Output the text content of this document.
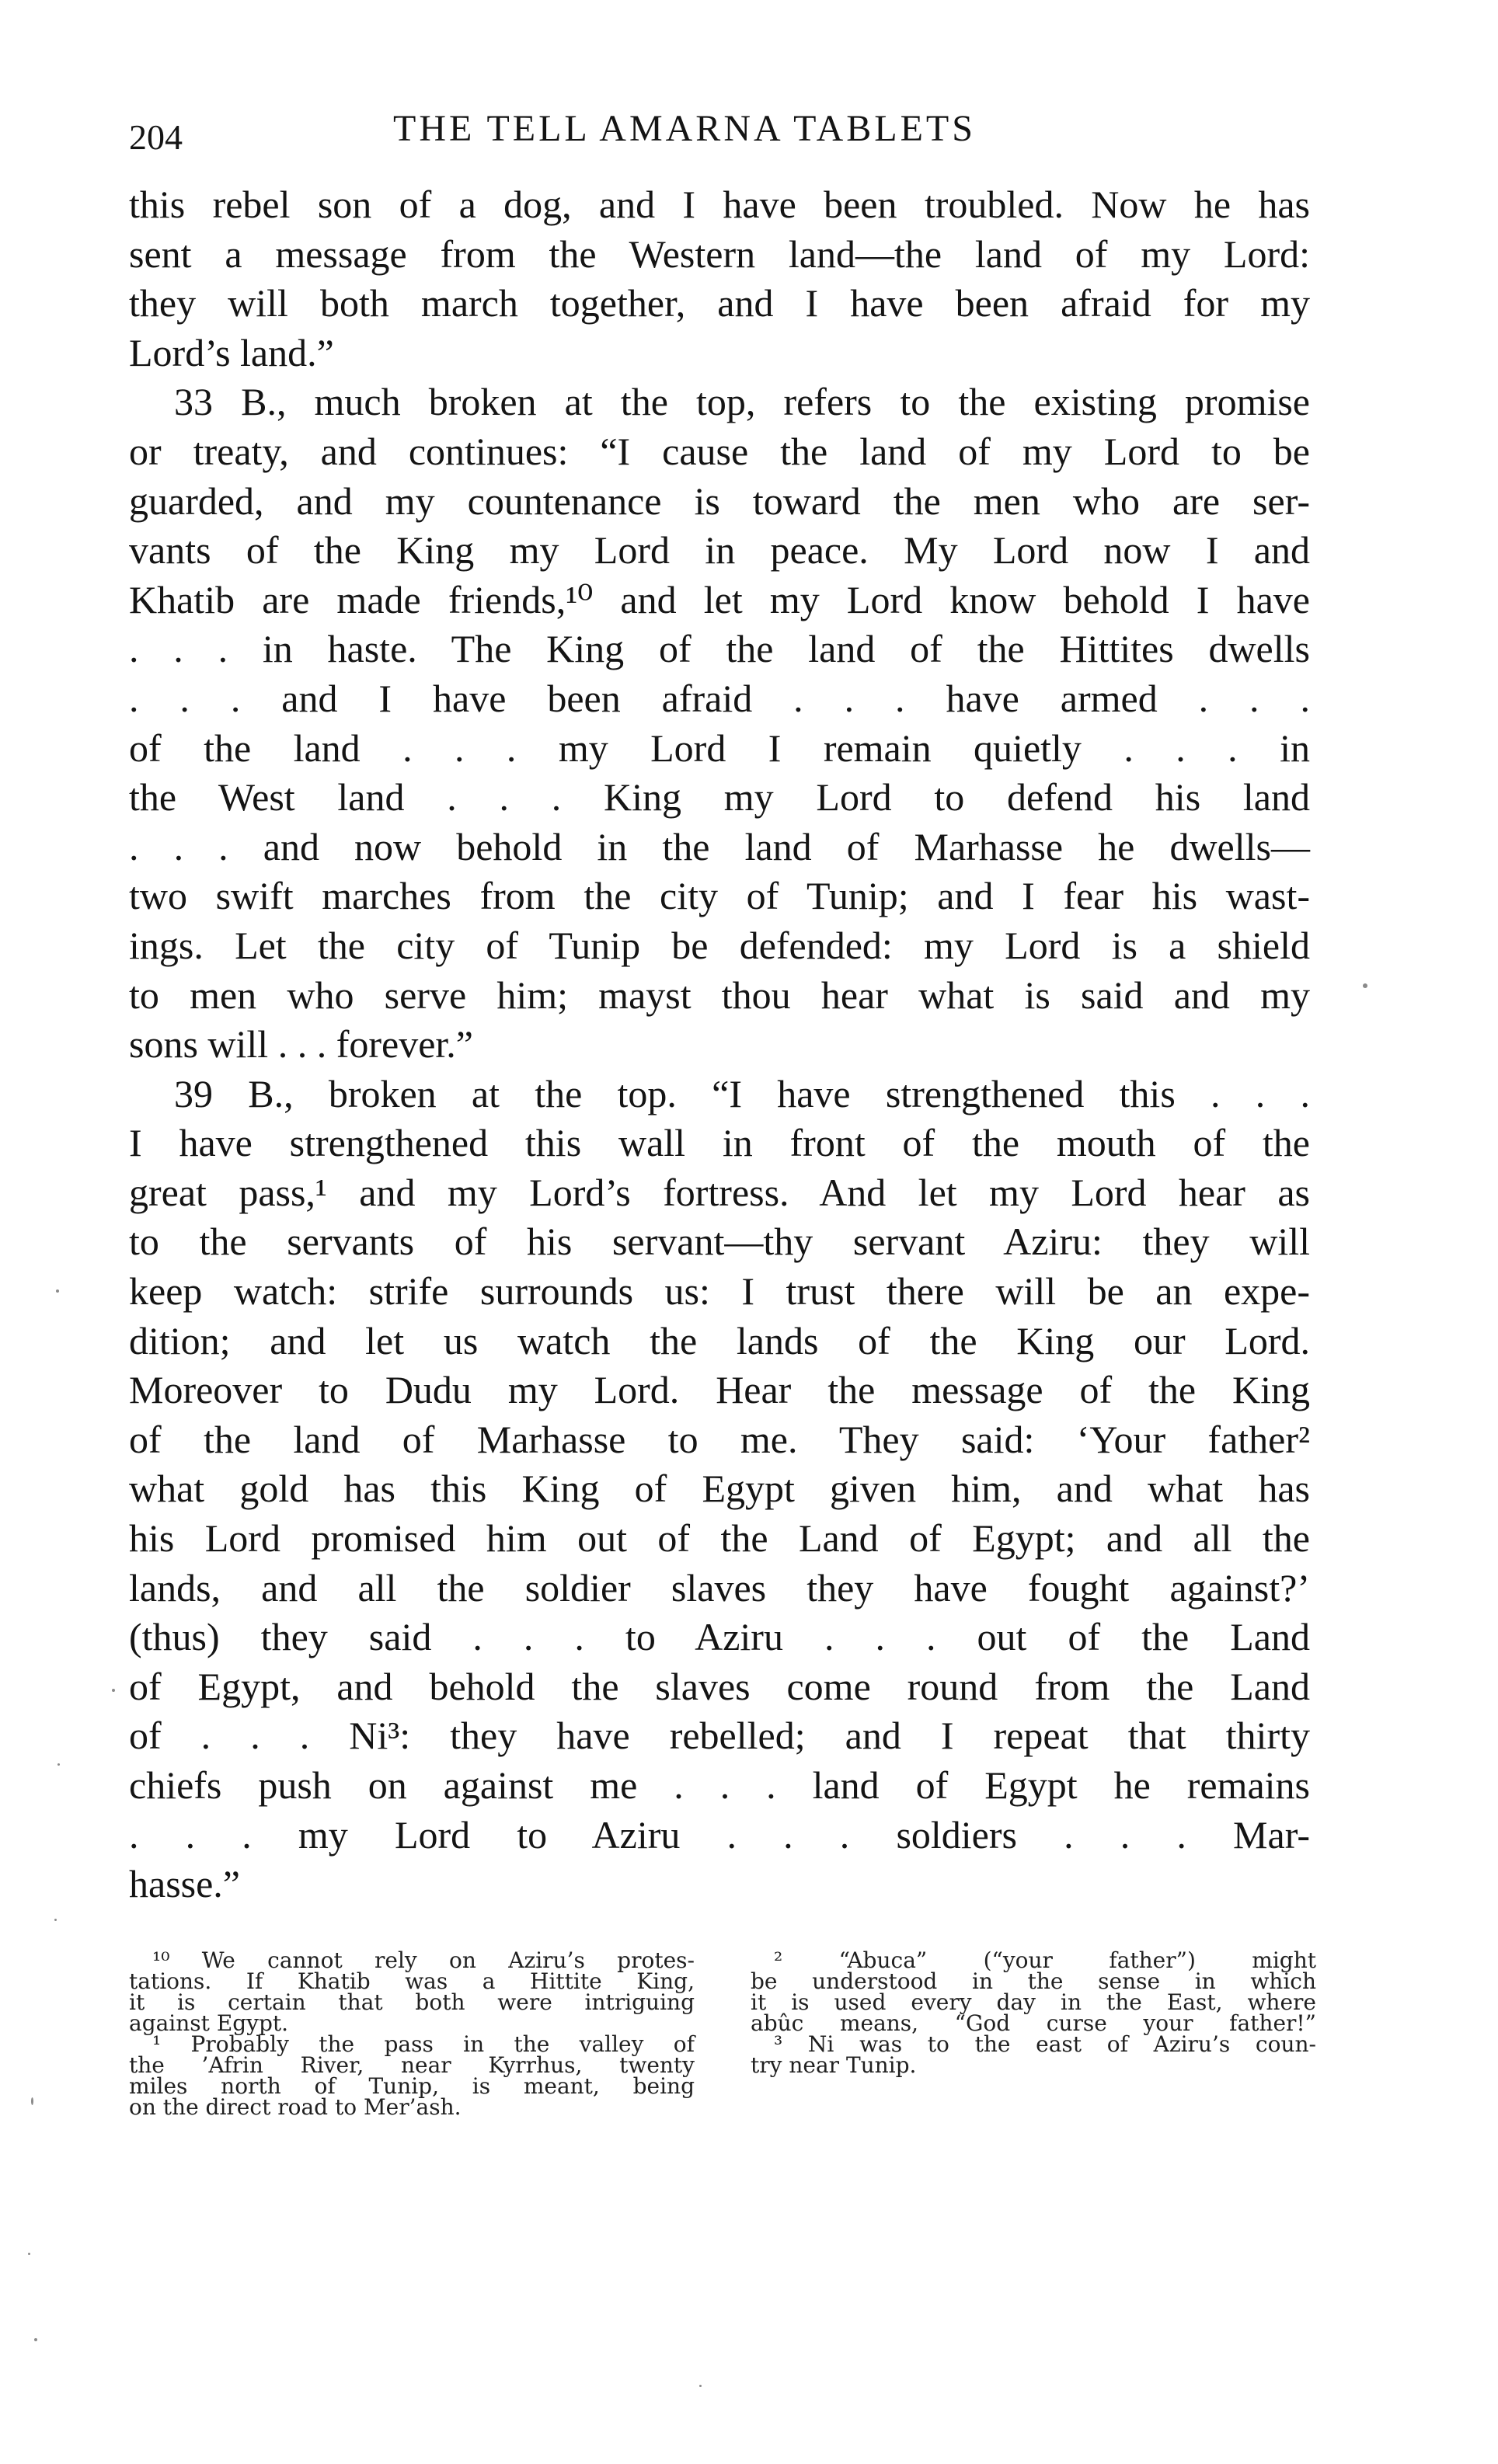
204	THE TELL AMARNA TABLETS
this rebel son of a dog, and I have been troubled. Now he has
sent a message from the Western land—the land of my Lord:
they will both march together, and I have been afraid for my
Lord’s land.”
33 B., much broken at the top, refers to the existing promise
or treaty, and continues: “I cause the land of my Lord to be
guarded, and my countenance is toward the men who are ser-
vants of the King my Lord in peace. My Lord now I and
Khatib are made friends,¹⁰ and let my Lord know behold I have
. . . in haste. The King of the land of the Hittites dwells
. . . and I have been afraid . . . have armed . . .
of the land . . . my Lord I remain quietly . . . in
the West land . . . King my Lord to defend his land
. . . and now behold in the land of Marhasse he dwells—
two swift marches from the city of Tunip; and I fear his wast-
ings. Let the city of Tunip be defended: my Lord is a shield
to men who serve him; mayst thou hear what is said and my
sons will . . . forever.”
39 B., broken at the top. “I have strengthened this . . .
I have strengthened this wall in front of the mouth of the
great pass,¹ and my Lord’s fortress. And let my Lord hear as
to the servants of his servant—thy servant Aziru: they will
keep watch: strife surrounds us: I trust there will be an expe-
dition; and let us watch the lands of the King our Lord.
Moreover to Dudu my Lord. Hear the message of the King
of the land of Marhasse to me. They said: ‘Your father²
what gold has this King of Egypt given him, and what has
his Lord promised him out of the Land of Egypt; and all the
lands, and all the soldier slaves they have fought against?’
(thus) they said . . . to Aziru . . . out of the Land
of Egypt, and behold the slaves come round from the Land
of . . . Ni³: they have rebelled; and I repeat that thirty
chiefs push on against me . . . land of Egypt he remains
. . . my Lord to Aziru . . . soldiers . . . Mar-
hasse.”
¹⁰ We cannot rely on Aziru’s protes-
tations. If Khatib was a Hittite King,
it is certain that both were intriguing
against Egypt.
¹ Probably the pass in the valley of
the ’Afrin River, near Kyrrhus, twenty
miles north of Tunip, is meant, being
on the direct road to Mer’ash.
² “Abuca” (“your father”) might
be understood in the sense in which
it is used every day in the East, where
abûc means, “God curse your father!”
³ Ni was to the east of Aziru’s coun-
try near Tunip.
